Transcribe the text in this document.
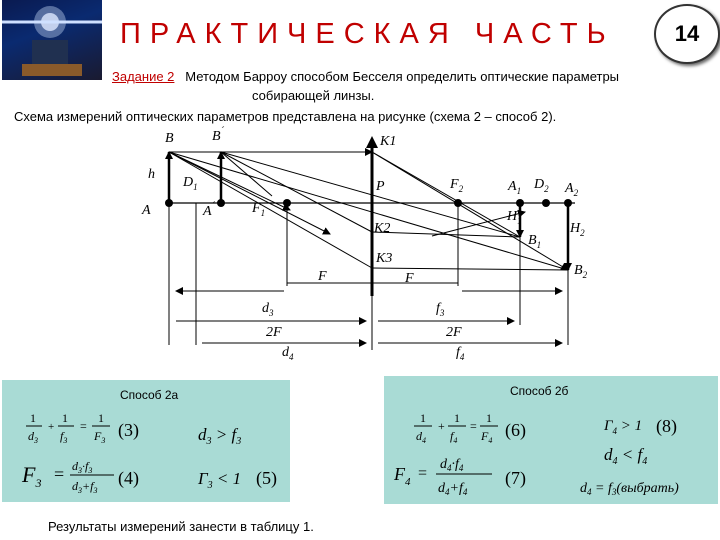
ПРАКТИЧЕСКАЯ ЧАСТЬ	14
Задание 2 Методом Барроу способом Бесселя определить оптические параметры
собирающей линзы.
Схема измерений оптических параметров представлена на рисунке (схема 2 – способ 2).
B	B´
K1
h
$D_1$	P	$F_2$	$A_1$ $D_2$ $A_2$
A	A´	$F_1$
K2
$H_1$	$H_2$
$B_1$
K3
$B_2$
F	F
$d_3$	$f_3$
2F	2F
$d_4$	$f_4$
Способ 2а	Способ 2б
1
$d_3$
+
1
$f_3$
=
1
$F_3$
(3)	$d_3 > f_3$
$F_3 = d_3\cdot f_3$
$d_3+f_3$
(4)	$\Gamma_3 < 1$ (5)
1
$d_4$
+
1
$f_4$
=
1
$F_4$
(6)	$\Gamma_4 > 1$ (8)
$d_4 < f_4$
$F_4$ =
$d_4\cdot f_4$
$d_4+f_4$
(7)
$d_4$ = $f_3(выбрать)$
Результаты измерений занести в таблицу 1.
